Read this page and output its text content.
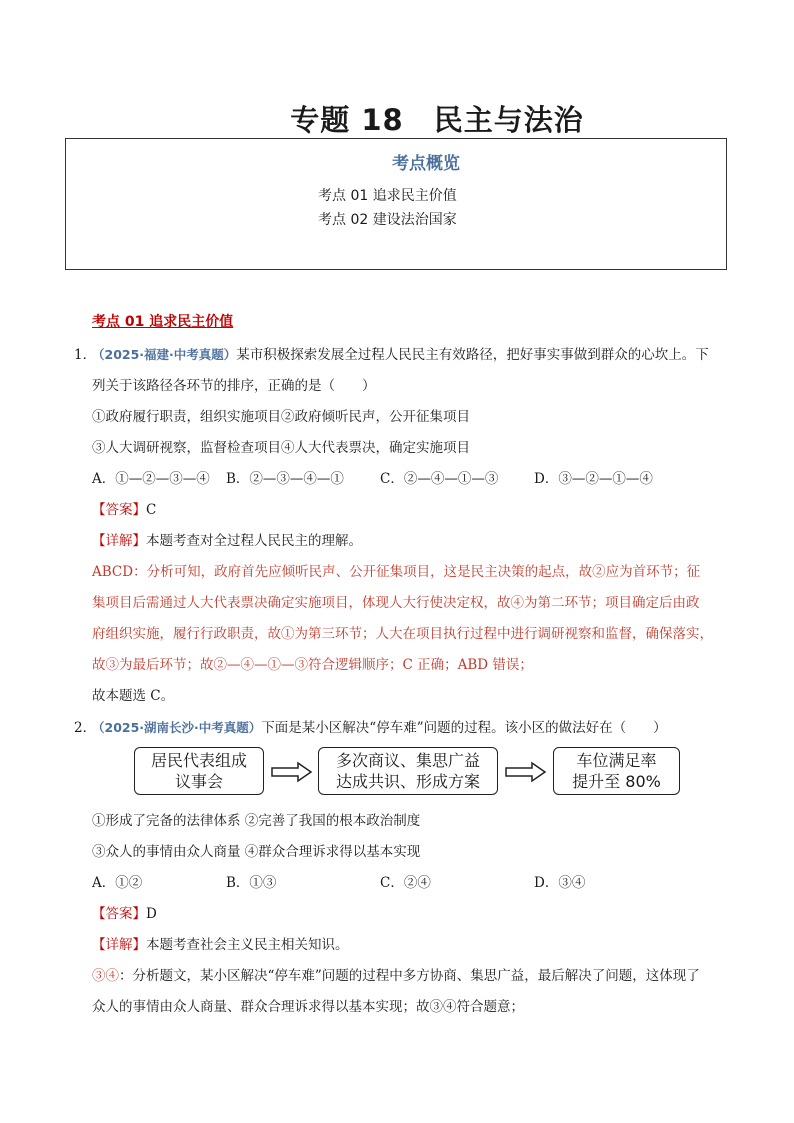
专题 18　民主与法治
考点概览
考点 01 追求民主价值
考点 02 建设法治国家
考点 01 追求民主价值
1．
（2025·福建·中考真题）某市积极探索发展全过程人民民主有效路径，把好事实事做到群众的心坎上。下
列关于该路径各环节的排序，正确的是（　　）
①政府履行职责，组织实施项目②政府倾听民声，公开征集项目
③人大调研视察，监督检查项目④人大代表票决，确定实施项目
A．①—②—③—④ B．②—③—④—①	C．②—④—①—③	D．③—②—①—④
【答案】C
【详解】本题考查对全过程人民民主的理解。
ABCD：分析可知，政府首先应倾听民声、公开征集项目，这是民主决策的起点，故②应为首环节；征
集项目后需通过人大代表票决确定实施项目，体现人大行使决定权，故④为第二环节；项目确定后由政
府组织实施，履行行政职责，故①为第三环节；人大在项目执行过程中进行调研视察和监督，确保落实，
故③为最后环节；故②—④—①—③符合逻辑顺序；C 正确；ABD 错误；
故本题选 C。
2．
（2025·湖南长沙·中考真题）下面是某小区解决“停车难”问题的过程。该小区的做法好在（　　）
居民代表组成
议事会
多次商议、集思广益
达成共识、形成方案
车位满足率
提升至 80%
①形成了完备的法律体系 ②完善了我国的根本政治制度
③众人的事情由众人商量 ④群众合理诉求得以基本实现
A．①②	B．①③	C．②④	D．③④
【答案】D
【详解】本题考查社会主义民主相关知识。
③④：分析题文，某小区解决“停车难”问题的过程中多方协商、集思广益，最后解决了问题，这体现了
众人的事情由众人商量、群众合理诉求得以基本实现；故③④符合题意；
